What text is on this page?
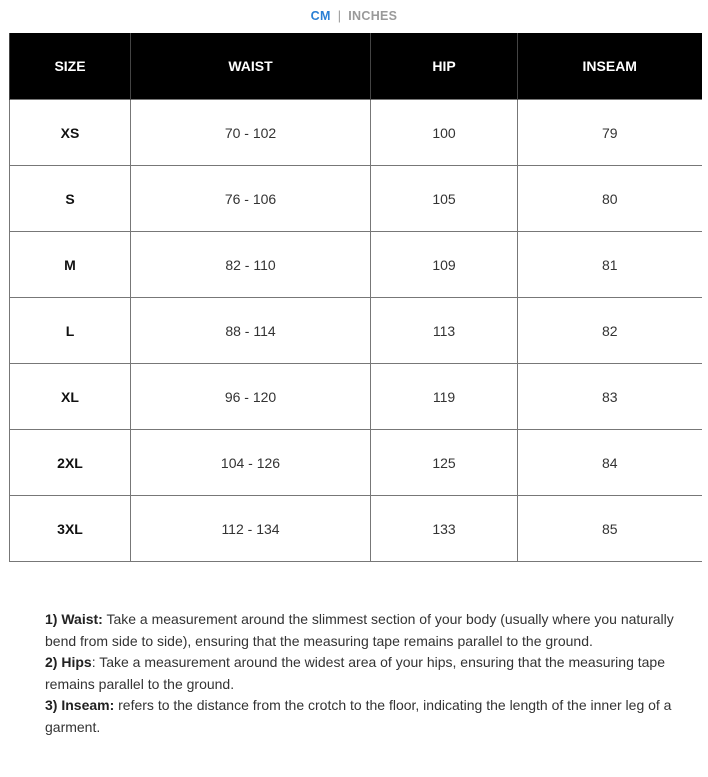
CM | INCHES
SIZE	WAIST	HIP	INSEAM
XS	70 - 102	100	79
S	76 - 106	105	80
M	82 - 110	109	81
L	88 - 114	113	82
XL	96 - 120	119	83
2XL	104 - 126	125	84
3XL	112 - 134	133	85

1) Waist: Take a measurement around the slimmest section of your body (usually where you naturally bend from side to side), ensuring that the measuring tape remains parallel to the ground.

2) Hips: Take a measurement around the widest area of your hips, ensuring that the measuring tape remains parallel to the ground.

3) Inseam: refers to the distance from the crotch to the floor, indicating the length of the inner leg of a garment.
